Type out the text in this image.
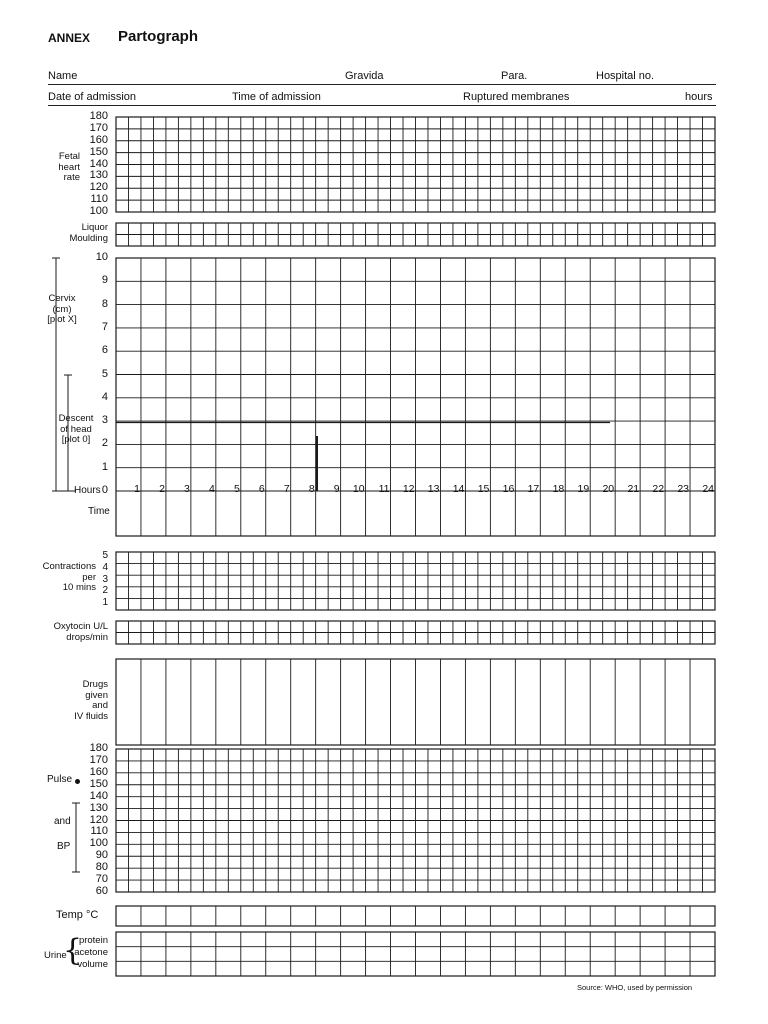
ANNEX Partograph
Name	Gravida	Para.	Hospital no.
Date of admission	Time of admission	Ruptured membranes	hours
Fetal
heart
rate
180
170
160
150
140
130
120
110
100
Liquor
Moulding
Cervix
(cm)
[plot X]
Descent
of head
[plot 0]
10
9
8
7
6
5
4
3
2
1
0
Hours	1	2	3	4	5	6	7	8	9	10	11	12	13	14	15	16	17	18	19	20	21	22	23	24
Time
Contractions
per
10 mins
5
4
3
2
1
Oxytocin U/L
drops/min
Drugs
given
and
IV fluids
Pulse
and
BP
180
170
160
150
140
130
120
110
100
90
80
70
60
Temp °C
Urine
{
protein
acetone
volume
Source: WHO, used by permission
